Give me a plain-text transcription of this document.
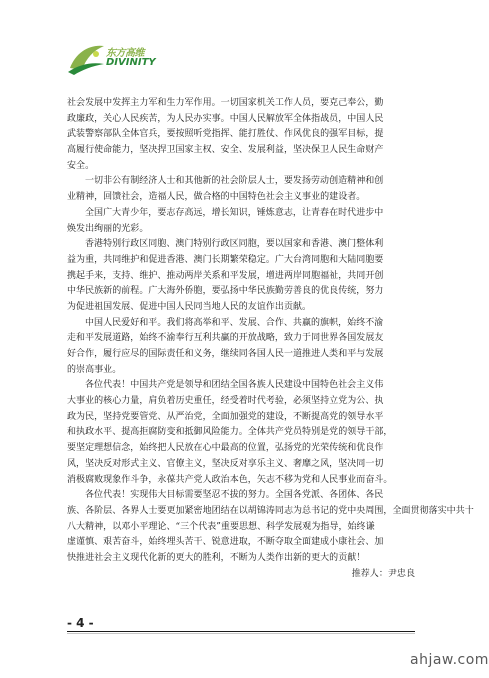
东方高维
DIVINITY
社会发展中发挥主力军和生力军作用。一切国家机关工作人员，要克己奉公，勤
政廉政，关心人民疾苦，为人民办实事。中国人民解放军全体指战员，中国人民
武装警察部队全体官兵，要按照听党指挥、能打胜仗、作风优良的强军目标，提
高履行使命能力，坚决捍卫国家主权、安全、发展利益，坚决保卫人民生命财产
安全。
一切非公有制经济人士和其他新的社会阶层人士，要发扬劳动创造精神和创
业精神，回馈社会，造福人民，做合格的中国特色社会主义事业的建设者。
全国广大青少年，要志存高远，增长知识，锤炼意志，让青春在时代进步中
焕发出绚丽的光彩。
香港特别行政区同胞、澳门特别行政区同胞，要以国家和香港、澳门整体利
益为重，共同维护和促进香港、澳门长期繁荣稳定。广大台湾同胞和大陆同胞要
携起手来，支持、维护、推动两岸关系和平发展，增进两岸同胞福祉，共同开创
中华民族新的前程。广大海外侨胞，要弘扬中华民族勤劳善良的优良传统，努力
为促进祖国发展、促进中国人民同当地人民的友谊作出贡献。
中国人民爱好和平。我们将高举和平、发展、合作、共赢的旗帜，始终不渝
走和平发展道路，始终不渝奉行互利共赢的开放战略，致力于同世界各国发展友
好合作，履行应尽的国际责任和义务，继续同各国人民一道推进人类和平与发展
的崇高事业。
各位代表！中国共产党是领导和团结全国各族人民建设中国特色社会主义伟
大事业的核心力量，肩负着历史重任，经受着时代考验，必须坚持立党为公、执
政为民，坚持党要管党、从严治党，全面加强党的建设，不断提高党的领导水平
和执政水平、提高拒腐防变和抵御风险能力。全体共产党员特别是党的领导干部，
要坚定理想信念，始终把人民放在心中最高的位置，弘扬党的光荣传统和优良作
风，坚决反对形式主义、官僚主义，坚决反对享乐主义、奢靡之风，坚决同一切
消极腐败现象作斗争，永葆共产党人政治本色，矢志不移为党和人民事业而奋斗。
各位代表！实现伟大目标需要坚忍不拔的努力。全国各党派、各团体、各民
族、各阶层、各界人士要更加紧密地团结在以胡锦涛同志为总书记的党中央周围，全面贯彻落实中共十
八大精神，以邓小平理论、“三个代表”重要思想、科学发展观为指导，始终谦
虚谨慎、艰苦奋斗，始终埋头苦干、锐意进取，不断夺取全面建成小康社会、加
快推进社会主义现代化新的更大的胜利，不断为人类作出新的更大的贡献！
推荐人：尹忠良
- 4 -
ahjaw.com
